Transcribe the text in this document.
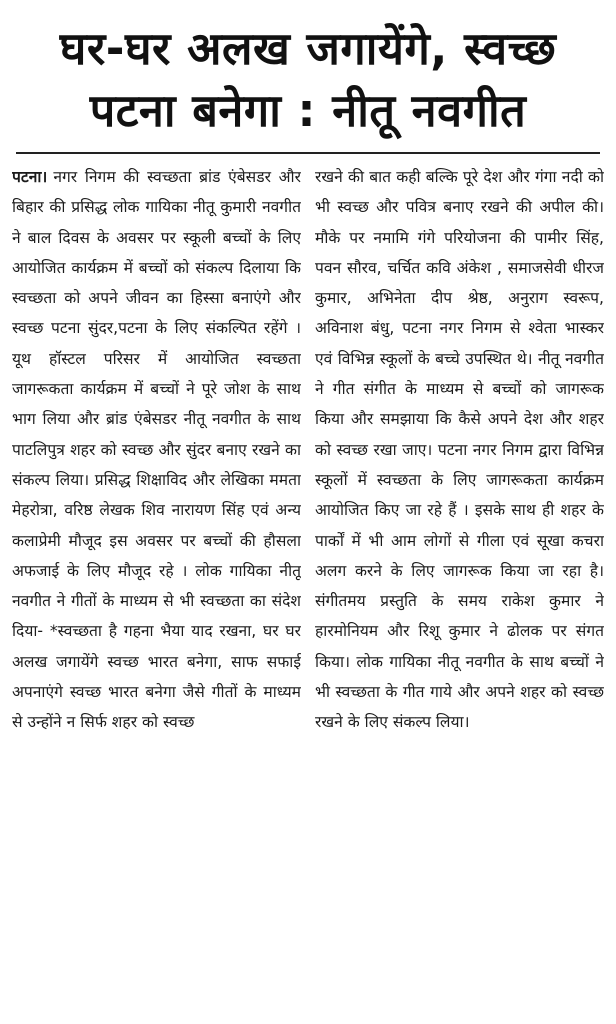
घर-घर अलख जगायेंगे, स्वच्छ
पटना बनेगा : नीतू नवगीत

पटना। नगर निगम की स्वच्छता ब्रांड एंबेसडर और बिहार की प्रसिद्ध लोक गायिका नीतू कुमारी नवगीत ने बाल दिवस के अवसर पर स्कूली बच्चों के लिए आयोजित कार्यक्रम में बच्चों को संकल्प दिलाया कि स्वच्छता को अपने जीवन का हिस्सा बनाएंगे और स्वच्छ पटना सुंदर,पटना के लिए संकल्पित रहेंगे । यूथ हॉस्टल परिसर में आयोजित स्वच्छता जागरूकता कार्यक्रम में बच्चों ने पूरे जोश के साथ भाग लिया और ब्रांड एंबेसडर नीतू नवगीत के साथ पाटलिपुत्र शहर को स्वच्छ और सुंदर बनाए रखने का संकल्प लिया। प्रसिद्ध शिक्षाविद और लेखिका ममता मेहरोत्रा, वरिष्ठ लेखक शिव नारायण सिंह एवं अन्य कलाप्रेमी मौजूद इस अवसर पर बच्चों की हौसला अफजाई के लिए मौजूद रहे । लोक गायिका नीतू नवगीत ने गीतों के माध्यम से भी स्वच्छता का संदेश दिया- *स्वच्छता है गहना भैया याद रखना, घर घर अलख जगायेंगे स्वच्छ भारत बनेगा, साफ सफाई अपनाएंगे स्वच्छ भारत बनेगा जैसे गीतों के माध्यम से उन्होंने न सिर्फ शहर को स्वच्छ

रखने की बात कही बल्कि पूरे देश और गंगा नदी को भी स्वच्छ और पवित्र बनाए रखने की अपील की। मौके पर नमामि गंगे परियोजना की पामीर सिंह, पवन सौरव, चर्चित कवि अंकेश , समाजसेवी धीरज कुमार, अभिनेता दीप श्रेष्ठ, अनुराग स्वरूप, अविनाश बंधु, पटना नगर निगम से श्वेता भास्कर एवं विभिन्न स्कूलों के बच्चे उपस्थित थे। नीतू नवगीत ने गीत संगीत के माध्यम से बच्चों को जागरूक किया और समझाया कि कैसे अपने देश और शहर को स्वच्छ रखा जाए। पटना नगर निगम द्वारा विभिन्न स्कूलों में स्वच्छता के लिए जागरूकता कार्यक्रम आयोजित किए जा रहे हैं । इसके साथ ही शहर के पार्कों में भी आम लोगों से गीला एवं सूखा कचरा अलग करने के लिए जागरूक किया जा रहा है। संगीतमय प्रस्तुति के समय राकेश कुमार ने हारमोनियम और रिशू कुमार ने ढोलक पर संगत किया। लोक गायिका नीतू नवगीत के साथ बच्चों ने भी स्वच्छता के गीत गाये और अपने शहर को स्वच्छ रखने के लिए संकल्प लिया।
